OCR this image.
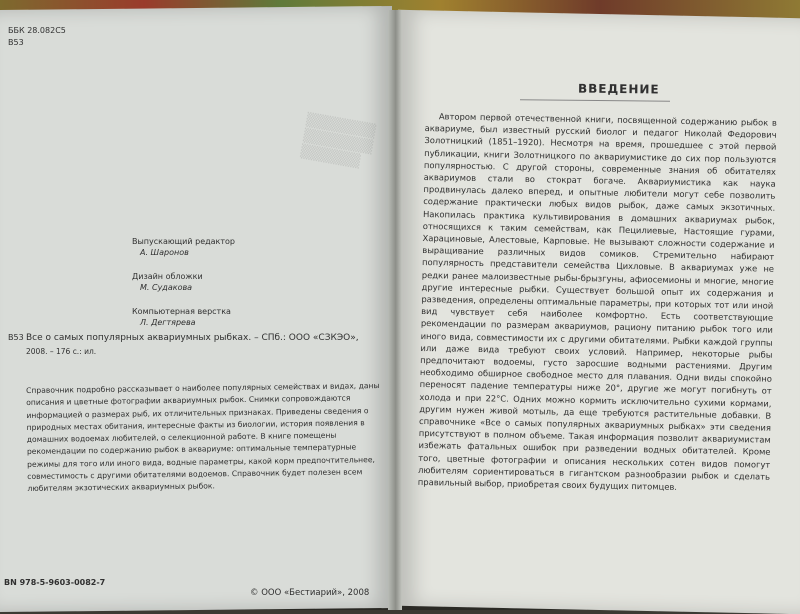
▒▒▒▒▒▒▒
▒▒▒▒▒▒▒
▒▒▒▒▒▒
ББК 28.082С5
В53
Выпускающий редактор
А. Шаронов
Дизайн обложки
М. Судакова
Компьютерная верстка
Л. Дегтярева
В53 Все о самых популярных аквариумных рыбках. – СПб.: ООО «СЗКЭО»,
2008. – 176 с.: ил.
Справочник подробно рассказывает о наиболее популярных семействах и видах, даны описания и цветные фотографии аквариумных рыбок. Снимки сопровождаются информацией о размерах рыб, их отличительных признаках. Приведены сведения о природных местах обитания, интересные факты из биологии, история появления в домашних водоемах любителей, о селекционной работе. В книге помещены рекомендации по содержанию рыбок в аквариуме: оптимальные температурные режимы для того или иного вида, водные параметры, какой корм предпочтительнее, совместимость с другими обитателями водоемов. Справочник будет полезен всем любителям экзотических аквариумных рыбок.
BN 978-5-9603-0082-7
© ООО «Бестиарий», 2008
ВВЕДЕНИЕ
Автором первой отечественной книги, посвященной содержанию рыбок в аквариуме, был известный русский биолог и педагог Николай Федорович Золотницкий (1851–1920). Несмотря на время, прошедшее с этой первой публикации, книги Золотницкого по аквариумистике до сих пор пользуются популярностью. С другой стороны, современные знания об обитателях аквариумов стали во стократ богаче. Аквариумистика как наука продвинулась далеко вперед, и опытные любители могут себе позволить содержание практически любых видов рыбок, даже самых экзотичных. Накопилась практика культивирования в домашних аквариумах рыбок, относящихся к таким семействам, как Пецилиевые, Настоящие гурами, Харациновые, Алестовые, Карповые. Не вызывают сложности содержание и выращивание различных видов сомиков. Стремительно набирают популярность представители семейства Цихловые. В аквариумах уже не редки ранее малоизвестные рыбы-брызгуны, афиосемионы и многие, многие другие интересные рыбки. Существует большой опыт их содержания и разведения, определены оптимальные параметры, при которых тот или иной вид чувствует себя наиболее комфортно. Есть соответствующие рекомендации по размерам аквариумов, рациону питанию рыбок того или иного вида, совместимости их с другими обитателями. Рыбки каждой группы или даже вида требуют своих условий. Например, некоторые рыбы предпочитают водоемы, густо заросшие водными растениями. Другим необходимо обширное свободное место для плавания. Одни виды спокойно переносят падение температуры ниже 20°, другие же могут погибнуть от холода и при 22°С. Одних можно кормить исключительно сухими кормами, другим нужен живой мотыль, да еще требуются растительные добавки. В справочнике «Все о самых популярных аквариумных рыбках» эти сведения присутствуют в полном объеме. Такая информация позволит аквариумистам избежать фатальных ошибок при разведении водных обитателей. Кроме того, цветные фотографии и описания нескольких сотен видов помогут любителям сориентироваться в гигантском разнообразии рыбок и сделать правильный выбор, приобретая своих будущих питомцев.
